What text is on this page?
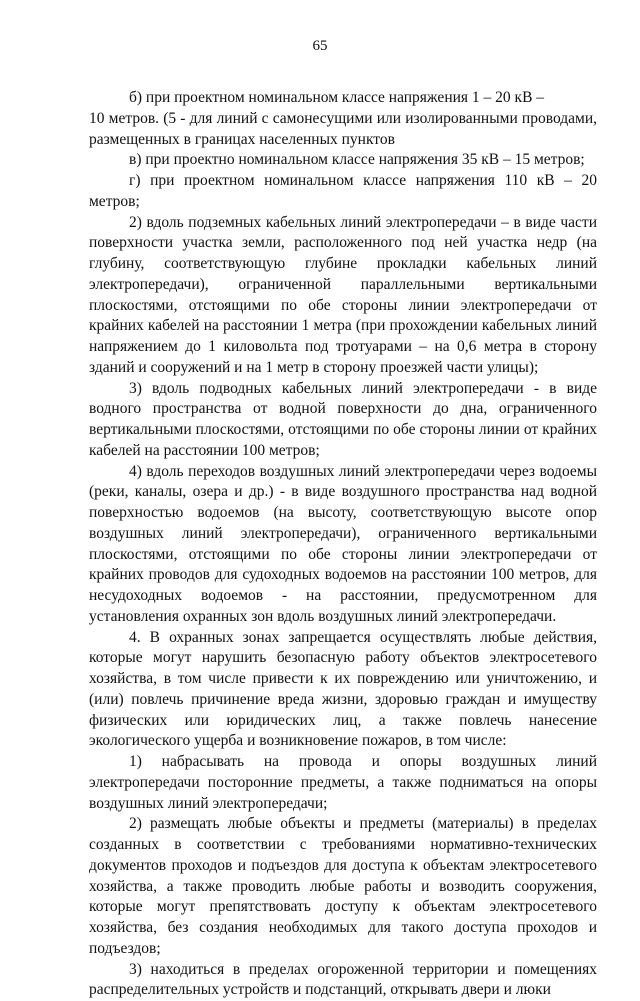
65

б) при проектном номинальном классе напряжения 1 – 20 кВ –

10 метров. (5 - для линий с самонесущими или изолированными проводами, размещенных в границах населенных пунктов

в) при проектно номинальном классе напряжения 35 кВ – 15 метров;

г) при проектном номинальном классе напряжения 110 кВ – 20 метров;

2) вдоль подземных кабельных линий электропередачи – в виде части поверхности участка земли, расположенного под ней участка недр (на глубину, соответствующую глубине прокладки кабельных линий электропередачи), ограниченной параллельными вертикальными плоскостями, отстоящими по обе стороны линии электропередачи от крайних кабелей на расстоянии 1 метра (при прохождении кабельных линий напряжением до 1 киловольта под тротуарами – на 0,6 метра в сторону зданий и сооружений и на 1 метр в сторону проезжей части улицы);

3) вдоль подводных кабельных линий электропередачи - в виде водного пространства от водной поверхности до дна, ограниченного вертикальными плоскостями, отстоящими по обе стороны линии от крайних кабелей на расстоянии 100 метров;

4) вдоль переходов воздушных линий электропередачи через водоемы (реки, каналы, озера и др.) - в виде воздушного пространства над водной поверхностью водоемов (на высоту, соответствующую высоте опор воздушных линий электропередачи), ограниченного вертикальными плоскостями, отстоящими по обе стороны линии электропередачи от крайних проводов для судоходных водоемов на расстоянии 100 метров, для несудоходных водоемов - на расстоянии, предусмотренном для установления охранных зон вдоль воздушных линий электропередачи.

4. В охранных зонах запрещается осуществлять любые действия, которые могут нарушить безопасную работу объектов электросетевого хозяйства, в том числе привести к их повреждению или уничтожению, и (или) повлечь причинение вреда жизни, здоровью граждан и имуществу физических или юридических лиц, а также повлечь нанесение экологического ущерба и возникновение пожаров, в том числе:

1) набрасывать на провода и опоры воздушных линий электропередачи посторонние предметы, а также подниматься на опоры воздушных линий электропередачи;

2) размещать любые объекты и предметы (материалы) в пределах созданных в соответствии с требованиями нормативно-технических документов проходов и подъездов для доступа к объектам электросетевого хозяйства, а также проводить любые работы и возводить сооружения, которые могут препятствовать доступу к объектам электросетевого хозяйства, без создания необходимых для такого доступа проходов и подъездов;

3) находиться в пределах огороженной территории и помещениях распределительных устройств и подстанций, открывать двери и люки
